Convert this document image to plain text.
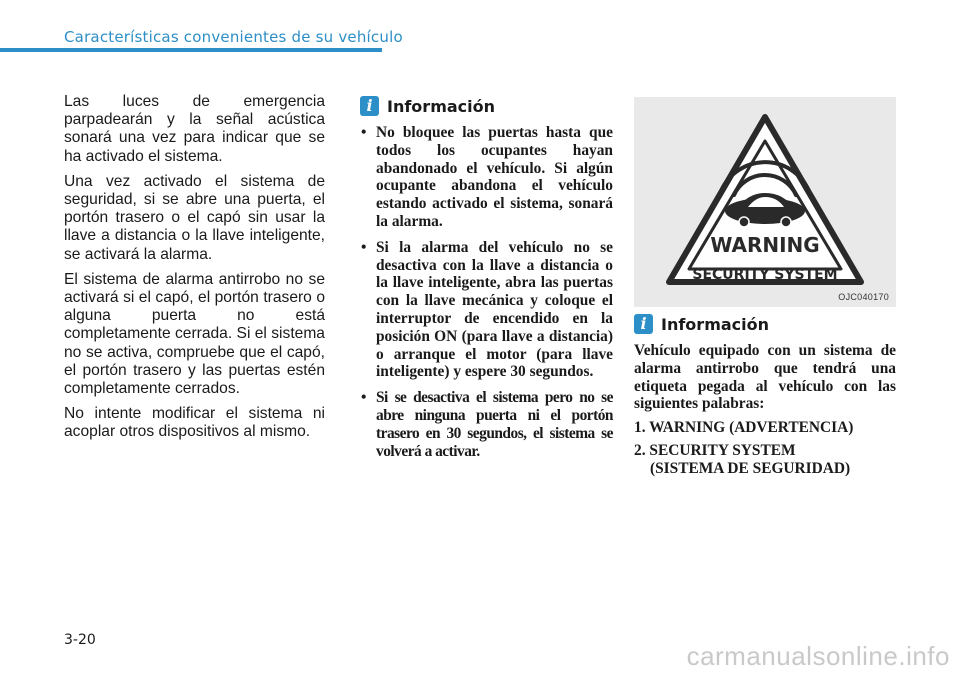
Características convenientes de su vehículo

Las luces de emergencia parpadearán y la señal acústica sonará una vez para indicar que se ha activado el sistema.

Una vez activado el sistema de seguridad, si se abre una puerta, el portón trasero o el capó sin usar la llave a distancia o la llave inteligente, se activará la alarma.

El sistema de alarma antirrobo no se activará si el capó, el portón trasero o alguna puerta no está completamente cerrada. Si el sistema no se activa, compruebe que el capó, el portón trasero y las puertas estén completamente cerrados.

No intente modificar el sistema ni acoplar otros dispositivos al mismo.

i Información
• No bloquee las puertas hasta que todos los ocupantes hayan abandonado el vehículo. Si algún ocupante abandona el vehículo estando activado el sistema, sonará la alarma.
• Si la alarma del vehículo no se desactiva con la llave a distancia o la llave inteligente, abra las puertas con la llave mecánica y coloque el interruptor de encendido en la posición ON (para llave a distancia) o arranque el motor (para llave inteligente) y espere 30 segundos.
• Si se desactiva el sistema pero no se abre ninguna puerta ni el portón trasero en 30 segundos, el sistema se volverá a activar.
WARNING
SECURITY SYSTEM
OJC040170
i Información

Vehículo equipado con un sistema de alarma antirrobo que tendrá una etiqueta pegada al vehículo con las siguientes palabras:

1. WARNING (ADVERTENCIA)
2. SECURITY SYSTEM
(SISTEMA DE SEGURIDAD)
3-20
carmanualsonline.info
